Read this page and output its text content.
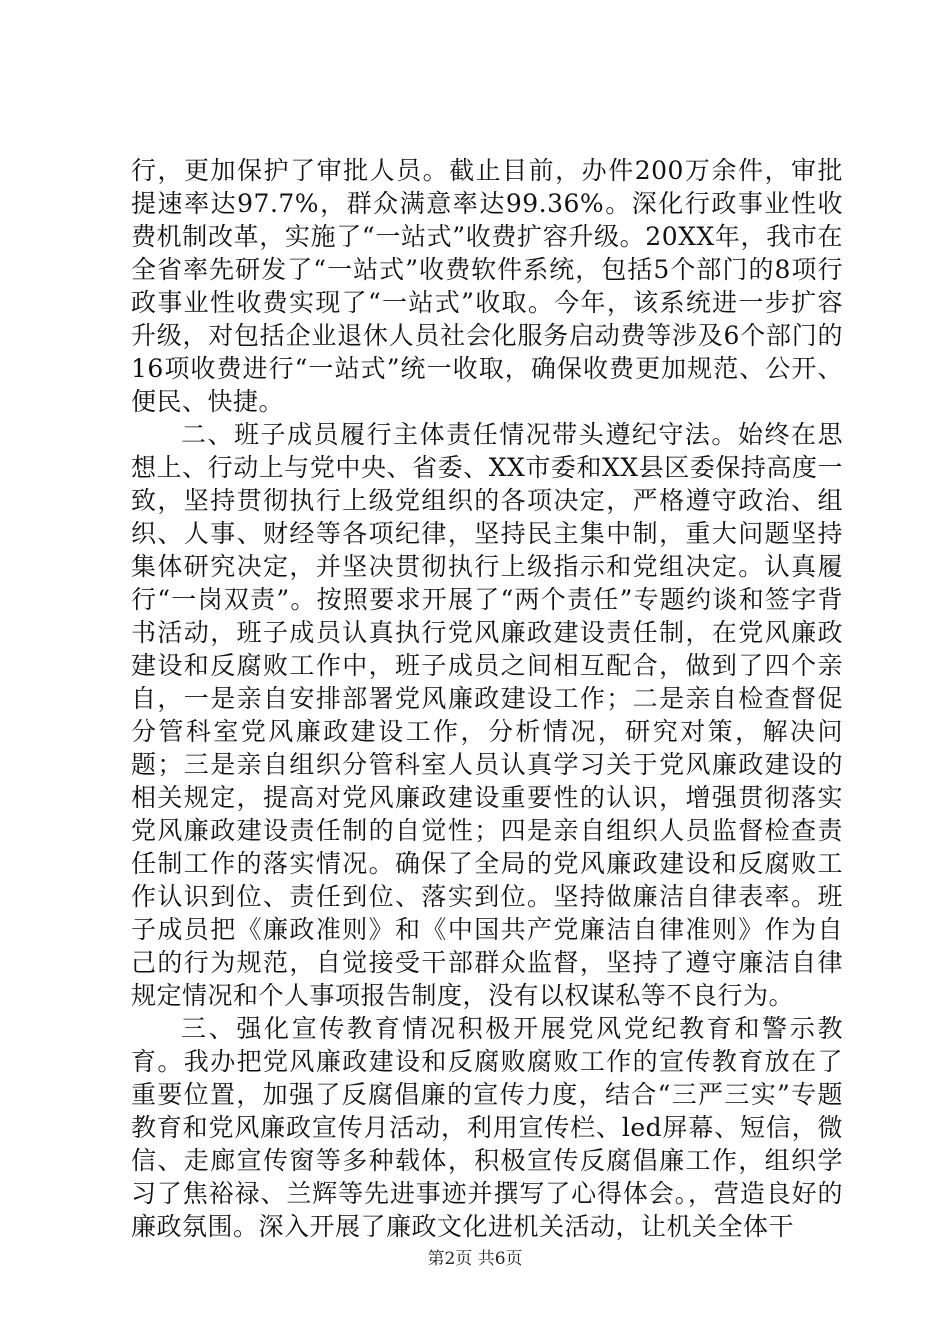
行，更加保护了审批人员。截止目前，办件200万余件，审批提速率达97.7%，群众满意率达99.36%。深化行政事业性收费机制改革，实施了“一站式”收费扩容升级。20XX年，我市在全省率先研发了“一站式”收费软件系统，包括5个部门的8项行政事业性收费实现了“一站式”收取。今年，该系统进一步扩容升级，对包括企业退休人员社会化服务启动费等涉及6个部门的16项收费进行“一站式”统一收取，确保收费更加规范、公开、便民、快捷。

二、班子成员履行主体责任情况带头遵纪守法。始终在思想上、行动上与党中央、省委、XX市委和XX县区委保持高度一致，坚持贯彻执行上级党组织的各项决定，严格遵守政治、组织、人事、财经等各项纪律，坚持民主集中制，重大问题坚持集体研究决定，并坚决贯彻执行上级指示和党组决定。认真履行“一岗双责”。按照要求开展了“两个责任”专题约谈和签字背书活动，班子成员认真执行党风廉政建设责任制，在党风廉政建设和反腐败工作中，班子成员之间相互配合，做到了四个亲自，一是亲自安排部署党风廉政建设工作；二是亲自检查督促分管科室党风廉政建设工作，分析情况，研究对策，解决问题；三是亲自组织分管科室人员认真学习关于党风廉政建设的相关规定，提高对党风廉政建设重要性的认识，增强贯彻落实党风廉政建设责任制的自觉性；四是亲自组织人员监督检查责任制工作的落实情况。确保了全局的党风廉政建设和反腐败工作认识到位、责任到位、落实到位。坚持做廉洁自律表率。班子成员把《廉政准则》和《中国共产党廉洁自律准则》作为自己的行为规范，自觉接受干部群众监督，坚持了遵守廉洁自律规定情况和个人事项报告制度，没有以权谋私等不良行为。

三、强化宣传教育情况积极开展党风党纪教育和警示教育。我办把党风廉政建设和反腐败腐败工作的宣传教育放在了重要位置，加强了反腐倡廉的宣传力度，结合“三严三实”专题教育和党风廉政宣传月活动，利用宣传栏、led屏幕、短信，微信、走廊宣传窗等多种载体，积极宣传反腐倡廉工作，组织学习了焦裕禄、兰辉等先进事迹并撰写了心得体会。，营造良好的廉政氛围。深入开展了廉政文化进机关活动，让机关全体干

第2页 共6页
